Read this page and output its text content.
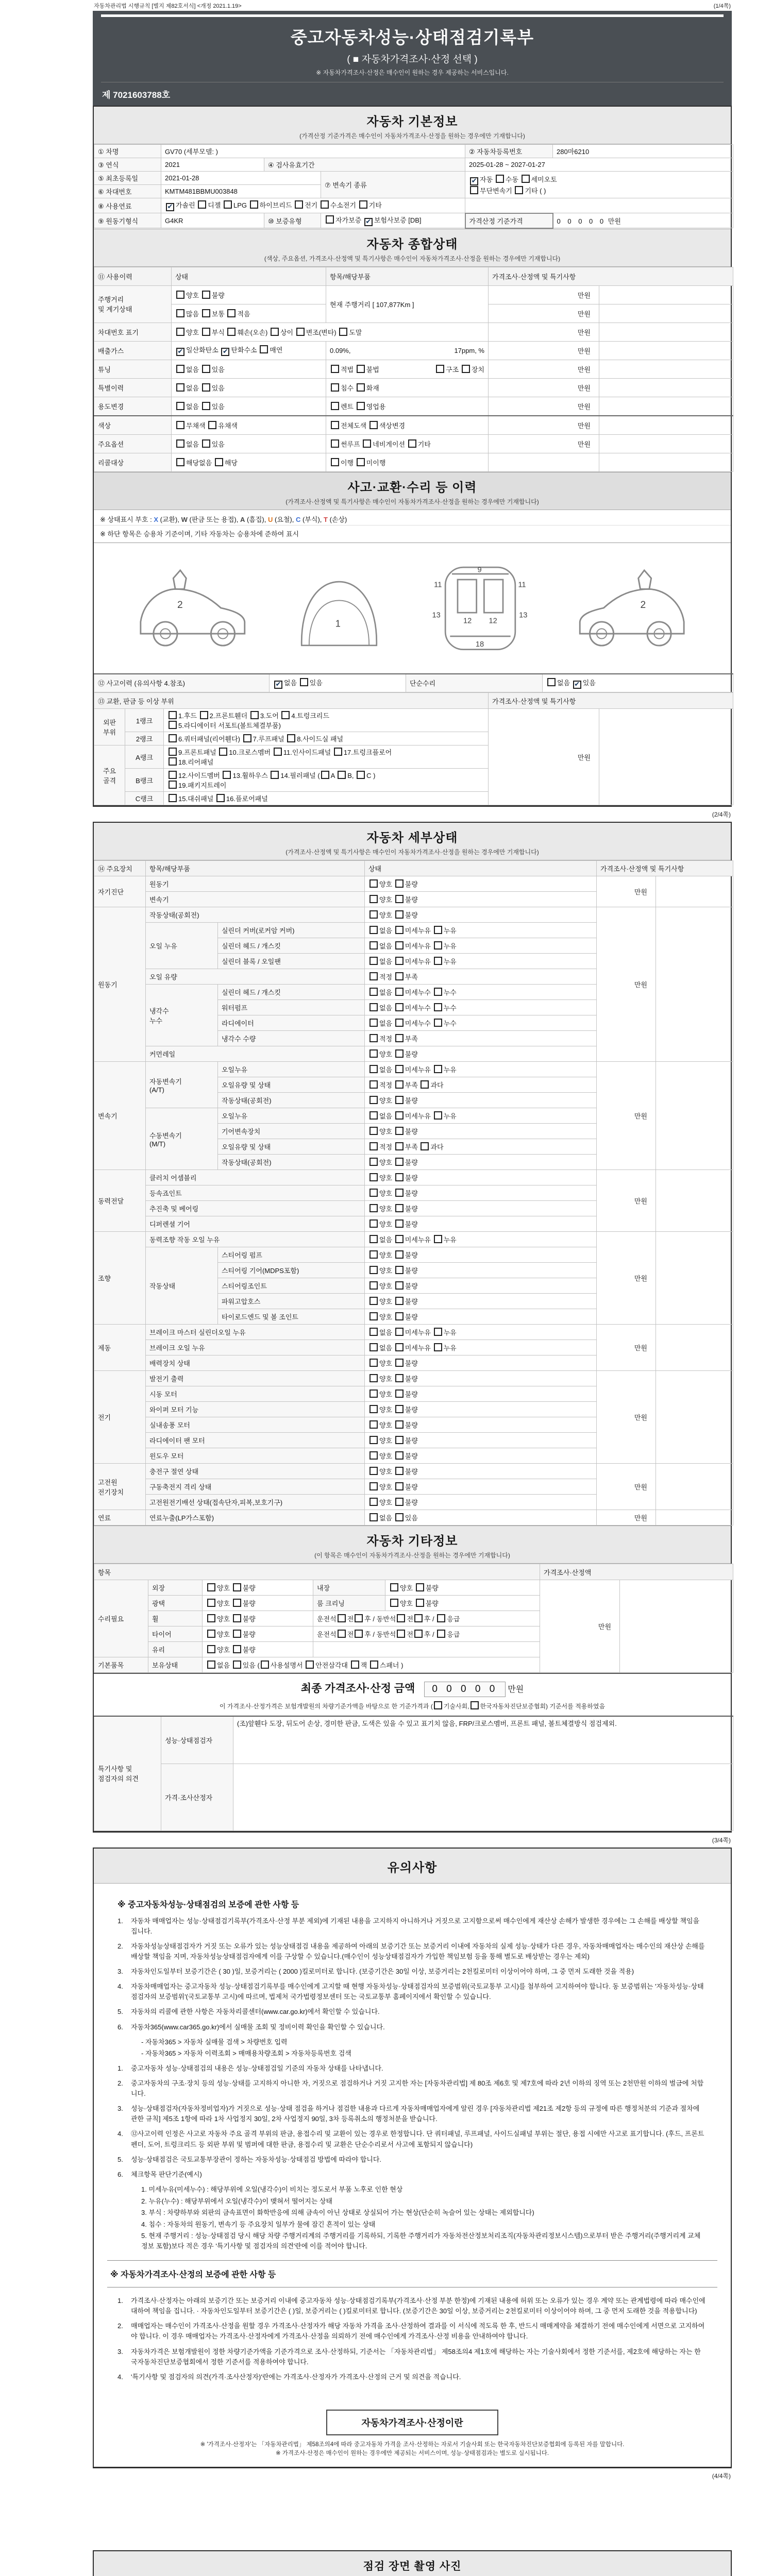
자동차관리법 시행규칙 [별지 제82호서식] <개정 2021.1.19>	(1/4쪽)
중고자동차성능·상태점검기록부
( ■ 자동차가격조사·산정 선택 )
※ 자동차가격조사·산정은 매수인이 원하는 경우 제공하는 서비스입니다.
제 7021603788호
자동차 기본정보
(가격산정 기준가격은 매수인이 자동차가격조사·산정을 원하는 경우에만 기재합니다)
① 차명	GV70 (세부모델: )			② 자동차등록번호	280마6210
③ 연식	2021	④ 검사유효기간		2025-01-28 ~ 2027-01-27	
⑤ 최초등록일	2021-01-28		⑦ 변속기 종류	✔ 자동 수동 세미오토
무단변속기 기타 ( )	
⑥ 차대번호	KMTM481BBMU003848				
⑧ 사용연료	✔ 가솔린 디젤 LPG 하이브리드 전기 수소전기 기타				
⑨ 원동기형식	G4KR	⑩ 보증유형	자가보증 ✔ 보험사보증 [DB]	가격산정 기준가격	0 0 0 0 0 만원
자동차 종합상태
(색상, 주요옵션, 가격조사·산정액 및 특기사항은 매수인이 자동차가격조사·산정을 원하는 경우에만 기재합니다)
⑪ 사용이력	상태	항목/해당부품	가격조사·산정액 및 특기사항	
주행거리
및 계기상태	양호 불량	현재 주행거리 [ 107,877Km ]	만원	
	많음 보통 적음		만원	
차대번호 표기	양호 부식 훼손(오손) 상이 변조(변타) 도말		만원	
배출가스	✔ 일산화탄소 ✔ 탄화수소 매연	0.09%, 17ppm, %	만원	
튜닝	없음 있음	적법 불법 구조 장치	만원	
특별이력	없음 있음	침수 화재	만원	
용도변경	없음 있음	렌트 영업용	만원	
색상	무채색 유채색	전체도색 색상변경	만원	
주요옵션	없음 있음	썬루프 네비게이션 기타	만원	
리콜대상	해당없음 해당	이행 미이행		
사고·교환·수리 등 이력
(가격조사·산정액 및 특기사항은 매수인이 자동차가격조사·산정을 원하는 경우에만 기재합니다)
※ 상태표시 부호 : X (교환), W (판금 또는 용접), A (흠집), U (요철), C (부식), T (손상)
※ 하단 항목은 승용차 기준이며, 기타 자동차는 승용차에 준하여 표시
2
1
11
9
11
13
12 12
13
18
2
⑫ 사고이력 (유의사항 4.참조)	✔ 없음 있음	단순수리	없음 ✔ 있음
⑬ 교환, 판금 등 이상 부위			가격조사·산정액 및 특기사항	
외판
부위	1랭크	1.후드 2.프론트휀더 3.도어 4.트렁크리드
5.라디에이터 서포트(볼트체결부품)	만원	
	2랭크	6.쿼터패널(리어휀다) 7.루프패널 8.사이드실 패널		
주요
골격	A랭크	9.프론트패널 10.크로스멤버 11.인사이드패널 17.트렁크플로어
18.리어패널		
	B랭크	12.사이드멤버 13.휠하우스 14.필러패널 ( A B, C )
19.패키지트레이		
	C랭크	15.대쉬패널 16.플로어패널		
(2/4쪽)
자동차 세부상태
(가격조사·산정액 및 특기사항은 매수인이 자동차가격조사·산정을 원하는 경우에만 기재합니다)
⑭ 주요장치	항목/해당부품		상태	가격조사·산정액 및 특기사항	
자기진단	원동기		양호 불량	만원	
	변속기		양호 불량		
원동기	작동상태(공회전)		양호 불량	만원	
	오일 누유	실린더 커버(로커암 커버)	없음 미세누유 누유		
		실린더 헤드 / 개스킷	없음 미세누유 누유		
		실린더 블록 / 오일팬	없음 미세누유 누유		
	오일 유량		적정 부족		
	냉각수
누수	실린더 헤드 / 개스킷	없음 미세누수 누수		
		워터펌프	없음 미세누수 누수		
		라디에이터	없음 미세누수 누수		
		냉각수 수량	적정 부족		
	커먼레일		양호 불량		
변속기	자동변속기
(A/T)	오일누유	없음 미세누유 누유	만원	
		오일유량 및 상태	적정 부족 과다		
		작동상태(공회전)	양호 불량		
	수동변속기
(M/T)	오일누유	없음 미세누유 누유		
		기어변속장치	양호 불량		
		오일유량 및 상태	적정 부족 과다		
		작동상태(공회전)	양호 불량		
동력전달	클러치 어셈블리		양호 불량	만원	
	등속죠인트		양호 불량		
	추진축 및 베어링		양호 불량		
	디퍼렌셜 기어		양호 불량		
조향	동력조향 작동 오일 누유		없음 미세누유 누유	만원	
	작동상태	스티어링 펌프	양호 불량		
		스티어링 기어(MDPS포함)	양호 불량		
		스티어링조인트	양호 불량		
		파워고압호스	양호 불량		
		타이로드엔드 및 볼 조인트	양호 불량		
제동	브레이크 마스터 실린더오일 누유		없음 미세누유 누유	만원	
	브레이크 오일 누유		없음 미세누유 누유		
	배력장치 상태		양호 불량		
전기	발전기 출력		양호 불량	만원	
	시동 모터		양호 불량		
	와이퍼 모터 기능		양호 불량		
	실내송풍 모터		양호 불량		
	라디에이터 팬 모터		양호 불량		
	윈도우 모터		양호 불량		
고전원
전기장치	충전구 절연 상태		양호 불량	만원	
	구동축전지 격리 상태		양호 불량		
	고전원전기배선 상태(접속단자,피복,보호기구)		양호 불량		
연료	연료누출(LP가스포함)		없음 있음	만원	
자동차 기타정보
(이 항목은 매수인이 자동차가격조사·산정을 원하는 경우에만 기재합니다)
항목					가격조사·산정액	
수리필요	외장	양호 불량	내장	양호 불량	만원	
	광택	양호 불량	룸 크리닝	양호 불량		
	휠	양호 불량	운전석 전 후 / 동반석 전 후 / 응급			
	타이어	양호 불량	운전석 전 후 / 동반석 전 후 / 응급			
	유리	양호 불량				
기본품목	보유상태	없음 있음 ( 사용설명서 안전삼각대 잭 스패너 )				
최종 가격조사·산정 금액 0 0 0 0 0 만원
이 가격조사·산정가격은 보험개발원의 차량기준가액을 바탕으로 한 기준가격과 ( 기술사회, 한국자동차진단보증협회) 기준서를 적용하였음
특기사항 및
점검자의 의견	성능·상태점검자	(조)앞휀다 도장, 뒤도어 손상, 경미한 판금, 도색은 있을 수 있고 표기치 않음, FRP/크로스멤버, 프론트 패널, 볼트체결방식 점검제외.
	가격·조사산정자	
(3/4쪽)
유의사항
※ 중고자동차성능·상태점검의 보증에 관한 사항 등
1.	자동차 매매업자는 성능·상태점검기록부(가격조사·산정 부분 제외)에 기재된 내용을 고지하지 아니하거나 거짓으로 고지함으로써 매수인에게 재산상 손해가 발생한 경우에는 그 손해를 배상할 책임을 집니다.
2.	자동차성능상태점검자가 거짓 또는 오류가 있는 성능상태점검 내용을 제공하여 아래의 보증기간 또는 보증거리 이내에 자동차의 실제 성능·상태가 다른 경우, 자동차매매업자는 매수인의 재산상 손해를 배상할 책임을 지며, 자동차성능상태점검자에게 이를 구상할 수 있습니다.(매수인이 성능상태점검자가 가입한 책임보험 등을 통해 별도로 배상받는 경우는 제외)
3.	자동차인도일부터 보증기간은 ( 30 )일, 보증거리는 ( 2000 )킬로미터로 합니다. (보증기간은 30일 이상, 보증거리는 2천킬로미터 이상이어야 하며, 그 중 먼저 도래한 것을 적용)
4.	자동차매매업자는 중고자동차 성능·상태점검기록부를 매수인에게 고지할 때 현행 자동차성능·상태점검자의 보증범위(국토교통부 고시)를 첨부하여 고지하여야 합니다. 동 보증범위는 '자동차성능·상태점검자의 보증범위'(국토교통부 고시)에 따르며, 법제처 국가법령정보센터 또는 국토교통부 홈페이지에서 확인할 수 있습니다.
5.	자동차의 리콜에 관한 사항은 자동차리콜센터(www.car.go.kr)에서 확인할 수 있습니다.
6.	자동차365(www.car365.go.kr)에서 실매물 조회 및 정비이력 확인을 확인할 수 있습니다.
- 자동차365 > 자동차 실매물 검색 > 차량번호 입력
- 자동차365 > 자동차 이력조회 > 매매용차량조회 > 자동차등록번호 검색
1.	중고자동차 성능·상태점검의 내용은 성능·상태점검일 기준의 자동차 상태를 나타냅니다.
2.	중고자동차의 구조·장치 등의 성능·상태를 고지하지 아니한 자, 거짓으로 점검하거나 거짓 고지한 자는 [자동차관리법] 제 80조 제6호 및 제7호에 따라 2년 이하의 징역 또는 2천만원 이하의 벌금에 처합니다.
3.	성능·상태점검자(자동차정비업자)가 거짓으로 성능·상태 점검을 하거나 점검한 내용과 다르게 자동차매매업자에게 알린 경우 [자동차관리법 제21조 제2항 등의 규정에 따른 행정처분의 기준과 절차에 관한 규칙] 제5조 1항에 따라 1차 사업정지 30일, 2차 사업정지 90일, 3차 등록취소의 행정처분을 받습니다.
4.	⑫사고이력 인정은 사고로 자동차 주요 골격 부위의 판금, 용접수리 및 교환이 있는 경우로 한정합니다. 단 쿼터패널, 루프패널, 사이드실패널 부위는 절단, 용접 시에만 사고로 표기합니다. (후드, 프론트펜더, 도어, 트렁크리드 등 외판 부위 및 범퍼에 대한 판금, 용접수리 및 교환은 단순수리로서 사고에 포함되지 않습니다)
5.	성능·상태점검은 국토교통부장관이 정하는 자동차성능·상태점검 방법에 따라야 합니다.
6.	체크항목 판단기준(예시)
1. 미세누유(미세누수) : 해당부위에 오일(냉각수)이 비치는 정도로서 부품 노후로 인한 현상
2. 누유(누수) : 해당부위에서 오일(냉각수)이 맺혀서 떨어지는 상태
3. 부식 : 차량하부와 외판의 금속표면이 화학반응에 의해 금속이 아닌 상태로 상실되어 가는 현상(단순히 녹슬어 있는 상태는 제외합니다)
4. 침수 : 자동차의 원동기, 변속기 등 주요장치 일부가 물에 잠긴 흔적이 있는 상태
5. 현재 주행거리 : 성능·상태점검 당시 해당 차량 주행거리계의 주행거리를 기록하되, 기록한 주행거리가 자동차전산정보처리조직(자동차관리정보시스템)으로부터 받은 주행거리(주행거리계 교체 정보 포함)보다 적은 경우 '특기사항 및 점검자의 의견'란에 이를 적어야 합니다.
※ 자동차가격조사·산정의 보증에 관한 사항 등
1.	가격조사·산정자는 아래의 보증기간 또는 보증거리 이내에 중고자동차 성능·상태점검기록부(가격조사·산정 부분 한정)에 기재된 내용에 허위 또는 오류가 있는 경우 계약 또는 관계법령에 따라 매수인에 대하여 책임을 집니다. · 자동차인도일부터 보증기간은 ( )일, 보증거리는 ( )킬로미터로 합니다. (보증기간은 30일 이상, 보증거리는 2천킬로미터 이상이어야 하며, 그 중 먼저 도래한 것을 적용합니다)
2.	매매업자는 매수인이 가격조사·산정을 원할 경우 가격조사·산정자가 해당 자동차 가격을 조사·산정하여 결과를 이 서식에 적도록 한 후, 반드시 매매계약을 체결하기 전에 매수인에게 서면으로 고지하여야 합니다. 이 경우 매매업자는 가격조사·산정자에게 가격조사·산정을 의뢰하기 전에 매수인에게 가격조사·산정 비용을 안내하여야 합니다.
3.	자동차가격은 보험개발원이 정한 차량기준가액을 기준가격으로 조사·산정하되, 기준서는 「자동차관리법」 제58조의4 제1호에 해당하는 자는 기술사회에서 정한 기준서를, 제2호에 해당하는 자는 한국자동차진단보증협회에서 정한 기준서를 적용하여야 합니다.
4.	'특기사항 및 점검자의 의견(가격·조사산정자)'란에는 가격조사·산정자가 가격조사·산정의 근거 및 의견을 적습니다.
자동차가격조사·산정이란
※ '가격조사·산정자'는 「자동차관리법」 제58조의4에 따라 중고자동차 가격을 조사·산정하는 자로서 기술사회 또는 한국자동차진단보증협회에 등록된 자를 말합니다.
※ 가격조사·산정은 매수인이 원하는 경우에만 제공되는 서비스이며, 성능·상태점검과는 별도로 실시됩니다.
(4/4쪽)
점검 장면 촬영 사진
